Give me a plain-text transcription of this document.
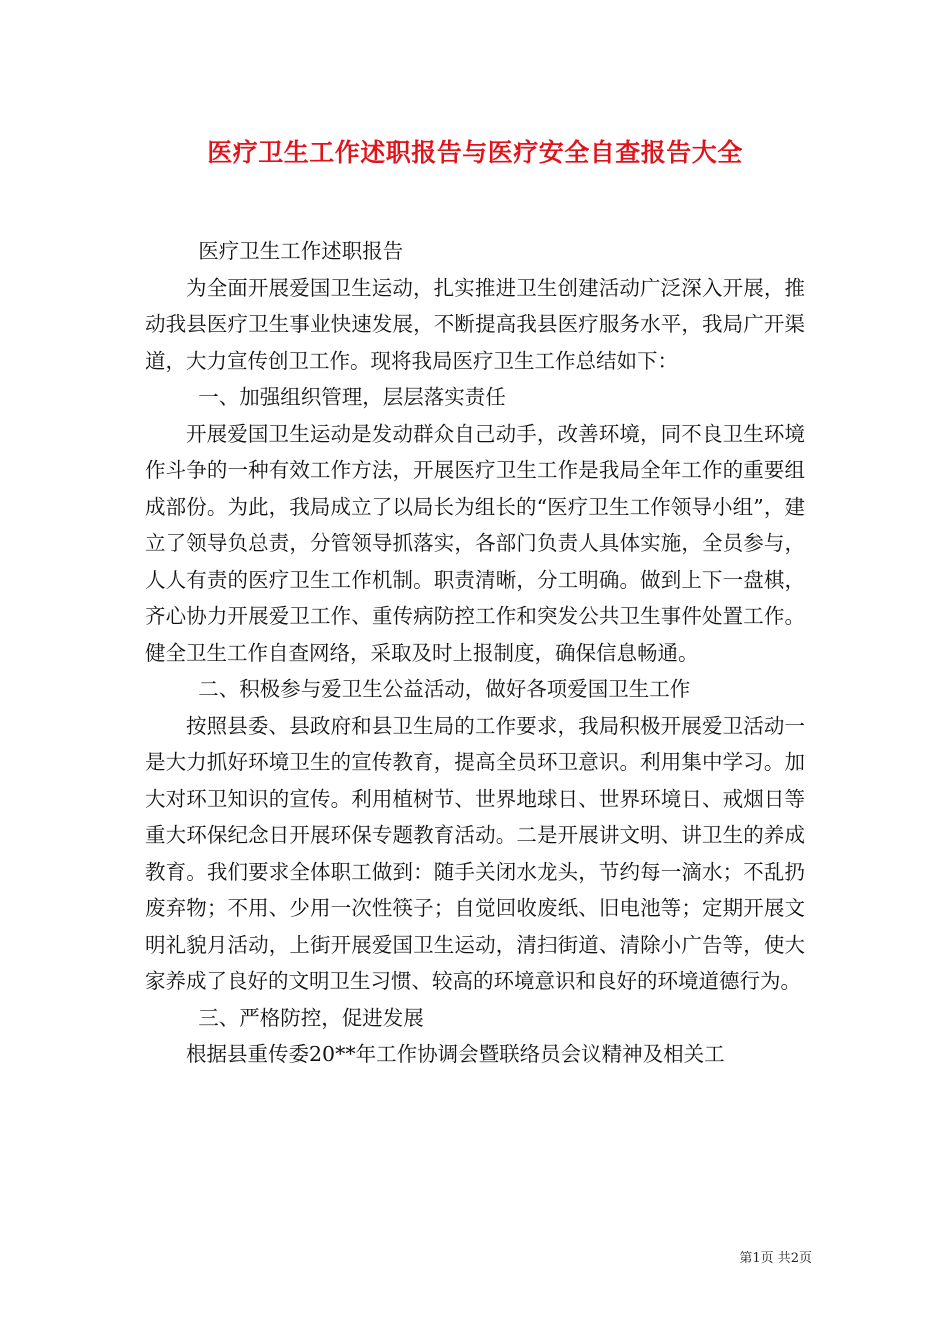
医疗卫生工作述职报告与医疗安全自查报告大全

医疗卫生工作述职报告

为全面开展爱国卫生运动，扎实推进卫生创建活动广泛深入开展，推动我县医疗卫生事业快速发展，不断提高我县医疗服务水平，我局广开渠道，大力宣传创卫工作。现将我局医疗卫生工作总结如下：

一、加强组织管理，层层落实责任

开展爱国卫生运动是发动群众自己动手，改善环境，同不良卫生环境作斗争的一种有效工作方法，开展医疗卫生工作是我局全年工作的重要组成部份。为此，我局成立了以局长为组长的“医疗卫生工作领导小组”，建立了领导负总责，分管领导抓落实，各部门负责人具体实施，全员参与，人人有责的医疗卫生工作机制。职责清晰，分工明确。做到上下一盘棋，齐心协力开展爱卫工作、重传病防控工作和突发公共卫生事件处置工作。健全卫生工作自查网络，采取及时上报制度，确保信息畅通。

二、积极参与爱卫生公益活动，做好各项爱国卫生工作

按照县委、县政府和县卫生局的工作要求，我局积极开展爱卫活动一是大力抓好环境卫生的宣传教育，提高全员环卫意识。利用集中学习。加大对环卫知识的宣传。利用植树节、世界地球日、世界环境日、戒烟日等重大环保纪念日开展环保专题教育活动。二是开展讲文明、讲卫生的养成教育。我们要求全体职工做到：随手关闭水龙头，节约每一滴水；不乱扔废弃物；不用、少用一次性筷子；自觉回收废纸、旧电池等；定期开展文明礼貌月活动，上街开展爱国卫生运动，清扫街道、清除小广告等，使大家养成了良好的文明卫生习惯、较高的环境意识和良好的环境道德行为。

三、严格防控，促进发展

根据县重传委20**年工作协调会暨联络员会议精神及相关工

第1页 共2页
